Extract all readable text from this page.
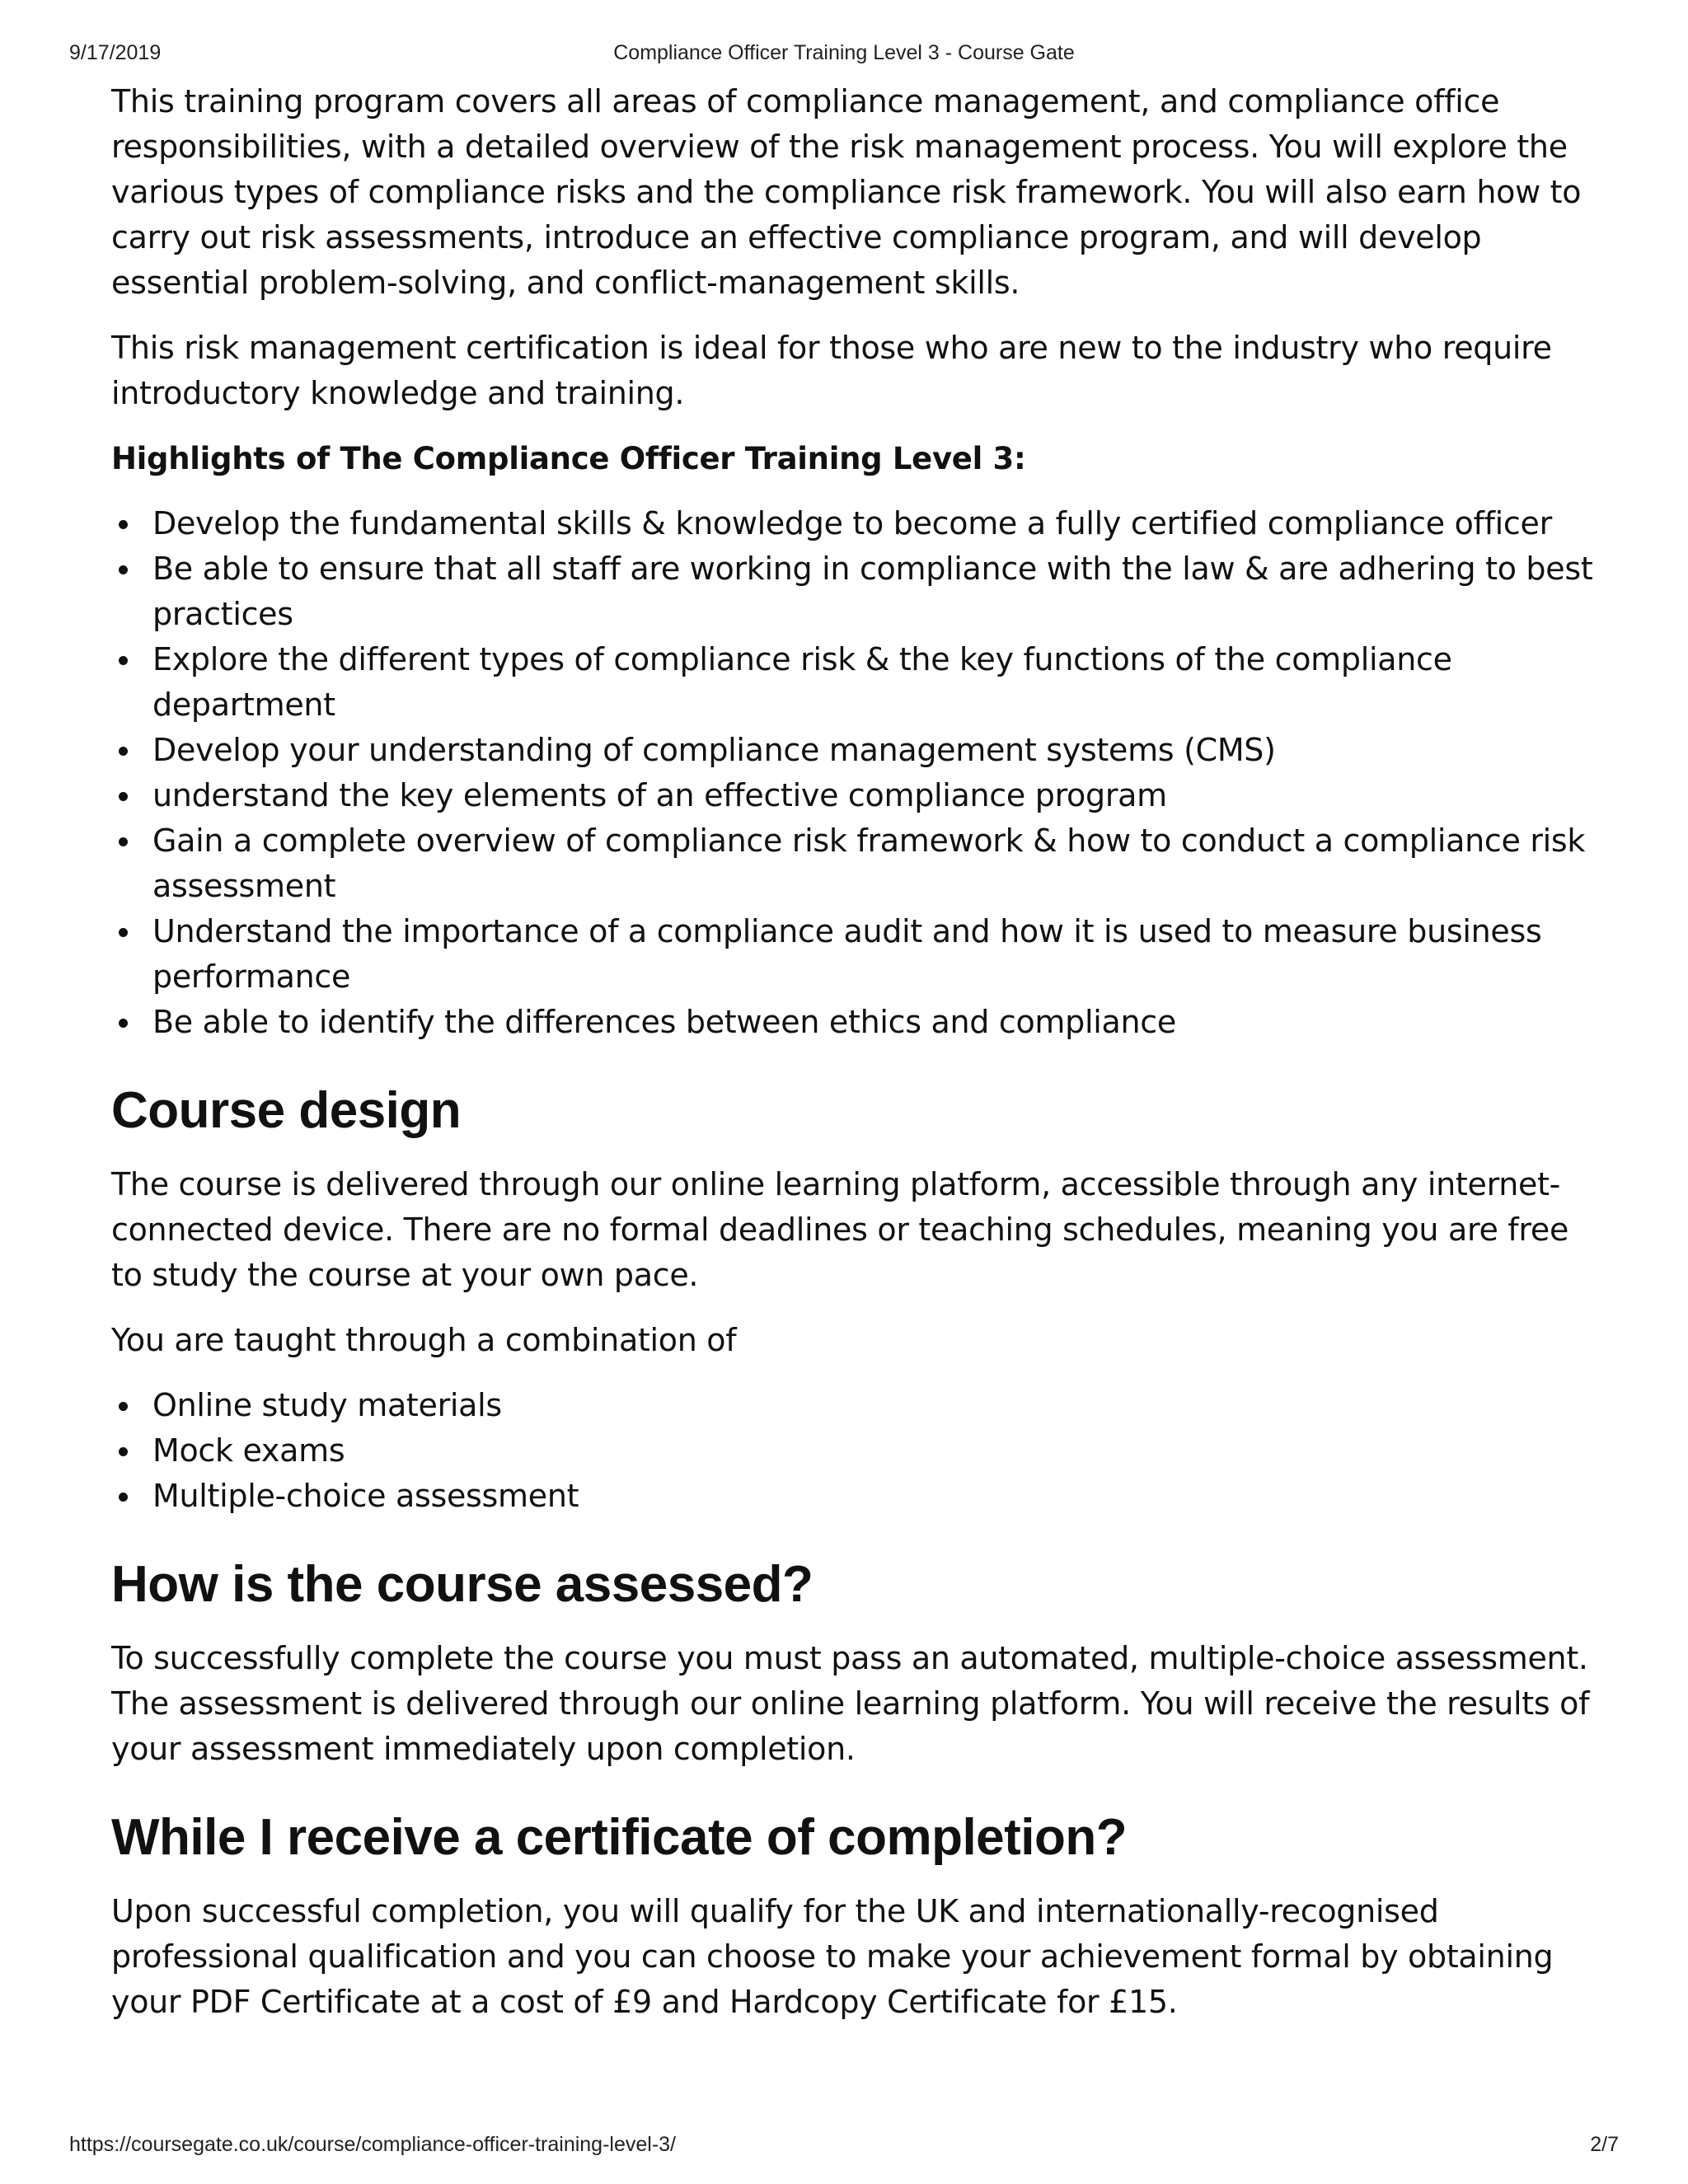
9/17/2019	Compliance Officer Training Level 3 - Course Gate

This training program covers all areas of compliance management, and compliance office responsibilities, with a detailed overview of the risk management process. You will explore the various types of compliance risks and the compliance risk framework. You will also earn how to carry out risk assessments, introduce an effective compliance program, and will develop essential problem-solving, and conflict-management skills.

This risk management certification is ideal for those who are new to the industry who require introductory knowledge and training.

Highlights of The Compliance Officer Training Level 3:

Develop the fundamental skills & knowledge to become a fully certified compliance officer
Be able to ensure that all staff are working in compliance with the law & are adhering to best practices
Explore the different types of compliance risk & the key functions of the compliance department
Develop your understanding of compliance management systems (CMS)
understand the key elements of an effective compliance program
Gain a complete overview of compliance risk framework & how to conduct a compliance risk assessment
Understand the importance of a compliance audit and how it is used to measure business performance
Be able to identify the differences between ethics and compliance
Course design

The course is delivered through our online learning platform, accessible through any internet-connected device. There are no formal deadlines or teaching schedules, meaning you are free to study the course at your own pace.

You are taught through a combination of

Online study materials
Mock exams
Multiple-choice assessment
How is the course assessed?

To successfully complete the course you must pass an automated, multiple-choice assessment. The assessment is delivered through our online learning platform. You will receive the results of your assessment immediately upon completion.

While I receive a certificate of completion?

Upon successful completion, you will qualify for the UK and internationally-recognised professional qualification and you can choose to make your achievement formal by obtaining your PDF Certificate at a cost of £9 and Hardcopy Certificate for £15.

https://coursegate.co.uk/course/compliance-officer-training-level-3/	2/7
